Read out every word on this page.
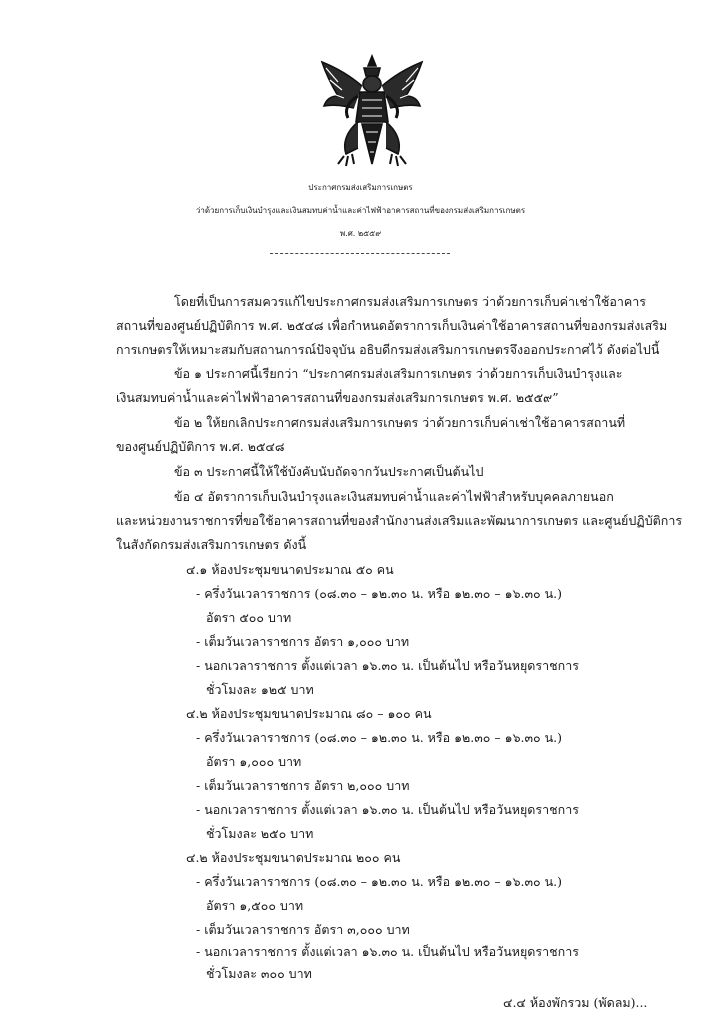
ประกาศกรมส่งเสริมการเกษตร
ว่าด้วยการเก็บเงินบำรุงและเงินสมทบค่าน้ำและค่าไฟฟ้าอาคารสถานที่ของกรมส่งเสริมการเกษตร
พ.ศ. ๒๕๕๙
โดยที่เป็นการสมควรแก้ไขประกาศกรมส่งเสริมการเกษตร ว่าด้วยการเก็บค่าเช่าใช้อาคาร
สถานที่ของศูนย์ปฏิบัติการ พ.ศ. ๒๕๔๘ เพื่อกำหนดอัตราการเก็บเงินค่าใช้อาคารสถานที่ของกรมส่งเสริม
การเกษตรให้เหมาะสมกับสถานการณ์ปัจจุบัน อธิบดีกรมส่งเสริมการเกษตรจึงออกประกาศไว้ ดังต่อไปนี้
ข้อ ๑ ประกาศนี้เรียกว่า “ประกาศกรมส่งเสริมการเกษตร ว่าด้วยการเก็บเงินบำรุงและ
เงินสมทบค่าน้ำและค่าไฟฟ้าอาคารสถานที่ของกรมส่งเสริมการเกษตร พ.ศ. ๒๕๕๙”
ข้อ ๒ ให้ยกเลิกประกาศกรมส่งเสริมการเกษตร ว่าด้วยการเก็บค่าเช่าใช้อาคารสถานที่
ของศูนย์ปฏิบัติการ พ.ศ. ๒๕๔๘
ข้อ ๓ ประกาศนี้ให้ใช้บังคับนับถัดจากวันประกาศเป็นต้นไป
ข้อ ๔ อัตราการเก็บเงินบำรุงและเงินสมทบค่าน้ำและค่าไฟฟ้าสำหรับบุคคลภายนอก
และหน่วยงานราชการที่ขอใช้อาคารสถานที่ของสำนักงานส่งเสริมและพัฒนาการเกษตร และศูนย์ปฏิบัติการ
ในสังกัดกรมส่งเสริมการเกษตร ดังนี้
๔.๑ ห้องประชุมขนาดประมาณ ๕๐ คน
- ครึ่งวันเวลาราชการ (๐๘.๓๐ – ๑๒.๓๐ น. หรือ ๑๒.๓๐ – ๑๖.๓๐ น.)
อัตรา ๕๐๐ บาท
- เต็มวันเวลาราชการ อัตรา ๑,๐๐๐ บาท
- นอกเวลาราชการ ตั้งแต่เวลา ๑๖.๓๐ น. เป็นต้นไป หรือวันหยุดราชการ
ชั่วโมงละ ๑๒๕ บาท
๔.๒ ห้องประชุมขนาดประมาณ ๘๐ – ๑๐๐ คน
- ครึ่งวันเวลาราชการ (๐๘.๓๐ – ๑๒.๓๐ น. หรือ ๑๒.๓๐ – ๑๖.๓๐ น.)
อัตรา ๑,๐๐๐ บาท
- เต็มวันเวลาราชการ อัตรา ๒,๐๐๐ บาท
- นอกเวลาราชการ ตั้งแต่เวลา ๑๖.๓๐ น. เป็นต้นไป หรือวันหยุดราชการ
ชั่วโมงละ ๒๕๐ บาท
๔.๒ ห้องประชุมขนาดประมาณ ๒๐๐ คน
- ครึ่งวันเวลาราชการ (๐๘.๓๐ – ๑๒.๓๐ น. หรือ ๑๒.๓๐ – ๑๖.๓๐ น.)
อัตรา ๑,๕๐๐ บาท
- เต็มวันเวลาราชการ อัตรา ๓,๐๐๐ บาท
- นอกเวลาราชการ ตั้งแต่เวลา ๑๖.๓๐ น. เป็นต้นไป หรือวันหยุดราชการ
ชั่วโมงละ ๓๐๐ บาท
๔.๔ ห้องพักรวม (พัดลม)...
